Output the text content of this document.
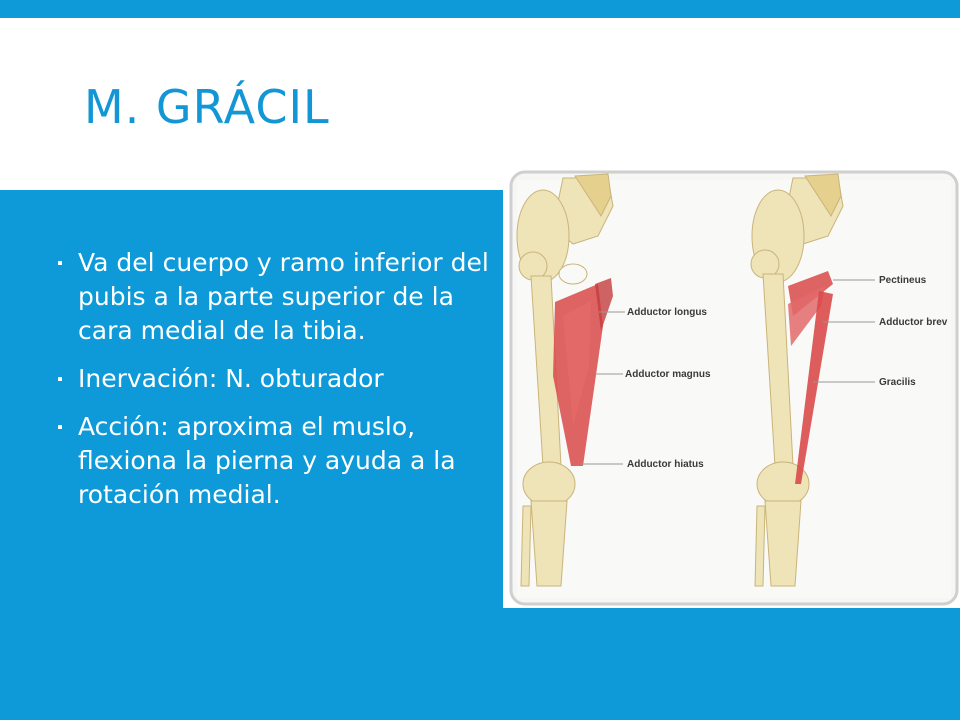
M. GRÁCIL
Va del cuerpo y ramo inferior del pubis a la parte superior de la cara medial de la tibia.
Inervación: N. obturador
Acción: aproxima el muslo, flexiona la pierna y ayuda a la rotación medial.
Adductor longus
Adductor magnus
Adductor hiatus
Pectineus
Adductor brev
Gracilis
